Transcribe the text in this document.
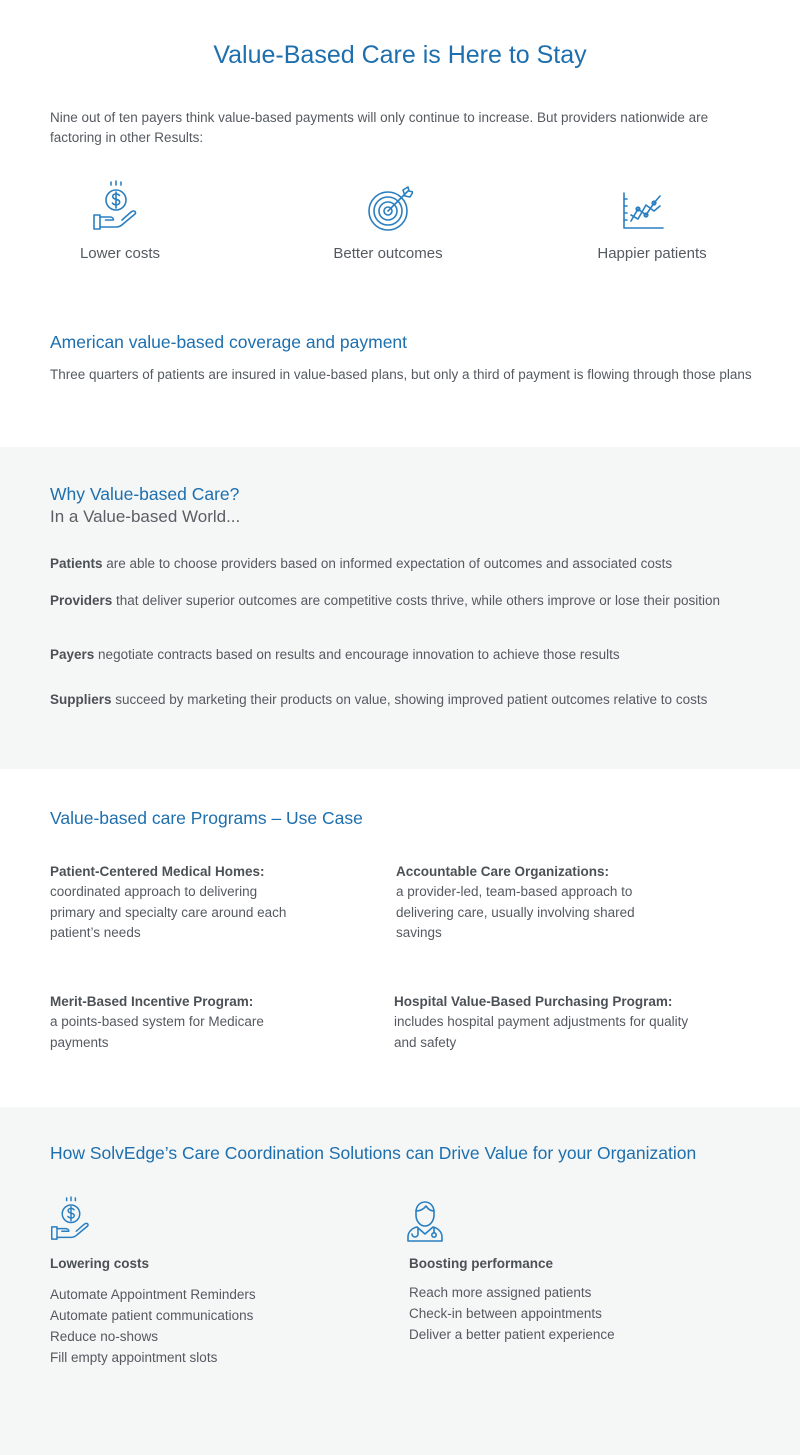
Value-Based Care is Here to Stay
Nine out of ten payers think value-based payments will only continue to increase. But providers nationwide are factoring in other Results:
Lower costs	Better outcomes	Happier patients
American value-based coverage and payment
Three quarters of patients are insured in value-based plans, but only a third of payment is flowing through those plans
Why Value-based Care?
In a Value-based World...
Patients are able to choose providers based on informed expectation of outcomes and associated costs
Providers that deliver superior outcomes are competitive costs thrive, while others improve or lose their position
Payers negotiate contracts based on results and encourage innovation to achieve those results
Suppliers succeed by marketing their products on value, showing improved patient outcomes relative to costs
Value-based care Programs – Use Case
Patient-Centered Medical Homes:
coordinated approach to delivering primary and specialty care around each patient’s needs
Accountable Care Organizations:
a provider-led, team-based approach to delivering care, usually involving shared savings
Merit-Based Incentive Program:
a points-based system for Medicare payments
Hospital Value-Based Purchasing Program:
includes hospital payment adjustments for quality and safety
How SolvEdge’s Care Coordination Solutions can Drive Value for your Organization
Lowering costs
Automate Appointment Reminders
Automate patient communications
Reduce no-shows
Fill empty appointment slots
Boosting performance
Reach more assigned patients
Check-in between appointments
Deliver a better patient experience
